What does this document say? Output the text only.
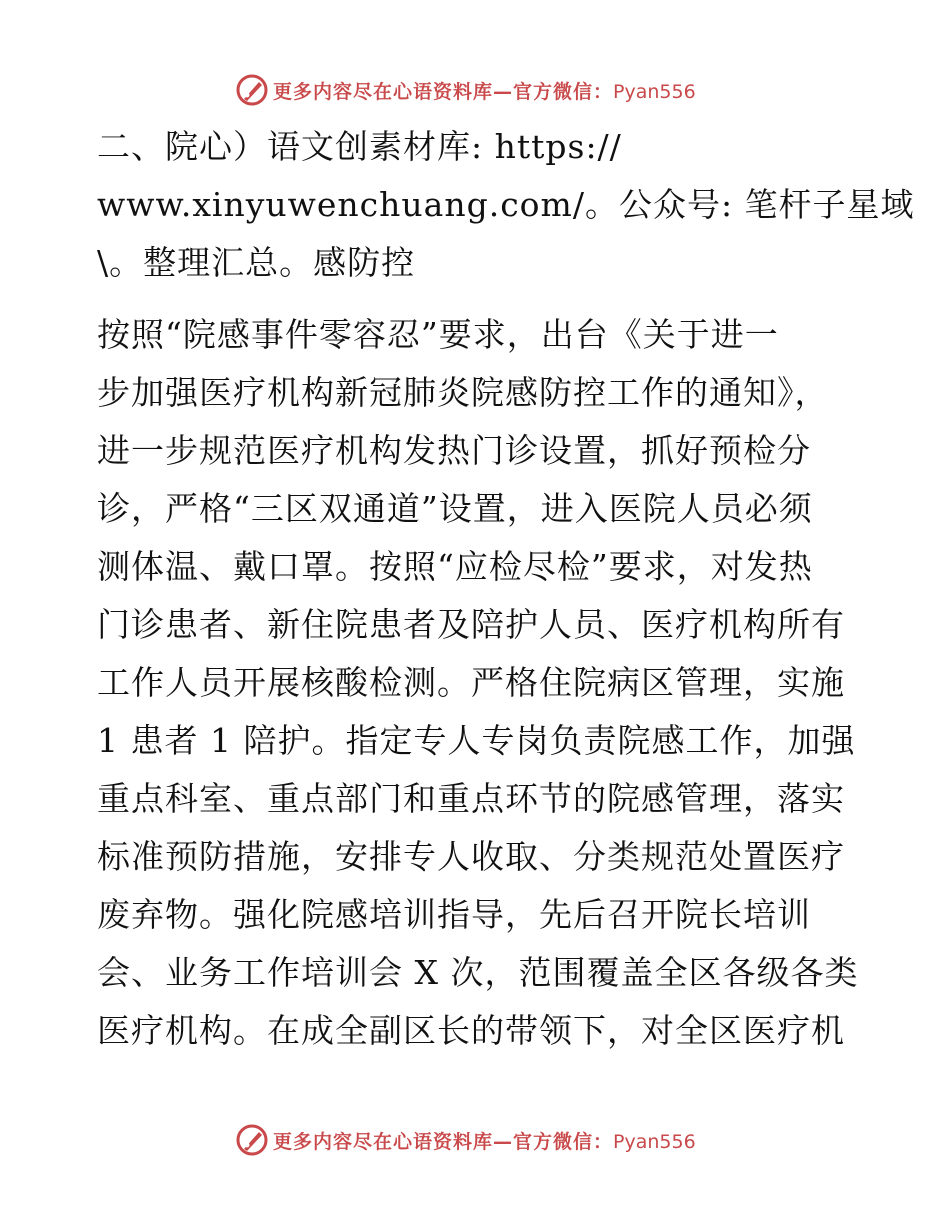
更多内容尽在心语资料库—官方微信：Pyan556
二、院心）语文创素材库: https://
www.xinyuwenchuang.com/。公众号: 笔杆子星域
\。整理汇总。感防控
按照“院感事件零容忍”要求，出台《关于进一
步加强医疗机构新冠肺炎院感防控工作的通知》，
进一步规范医疗机构发热门诊设置，抓好预检分
诊，严格“三区双通道”设置，进入医院人员必须
测体温、戴口罩。按照“应检尽检”要求，对发热
门诊患者、新住院患者及陪护人员、医疗机构所有
工作人员开展核酸检测。严格住院病区管理，实施
1 患者 1 陪护。指定专人专岗负责院感工作，加强
重点科室、重点部门和重点环节的院感管理，落实
标准预防措施，安排专人收取、分类规范处置医疗
废弃物。强化院感培训指导，先后召开院长培训
会、业务工作培训会 X 次，范围覆盖全区各级各类
医疗机构。在成全副区长的带领下，对全区医疗机
更多内容尽在心语资料库—官方微信：Pyan556
